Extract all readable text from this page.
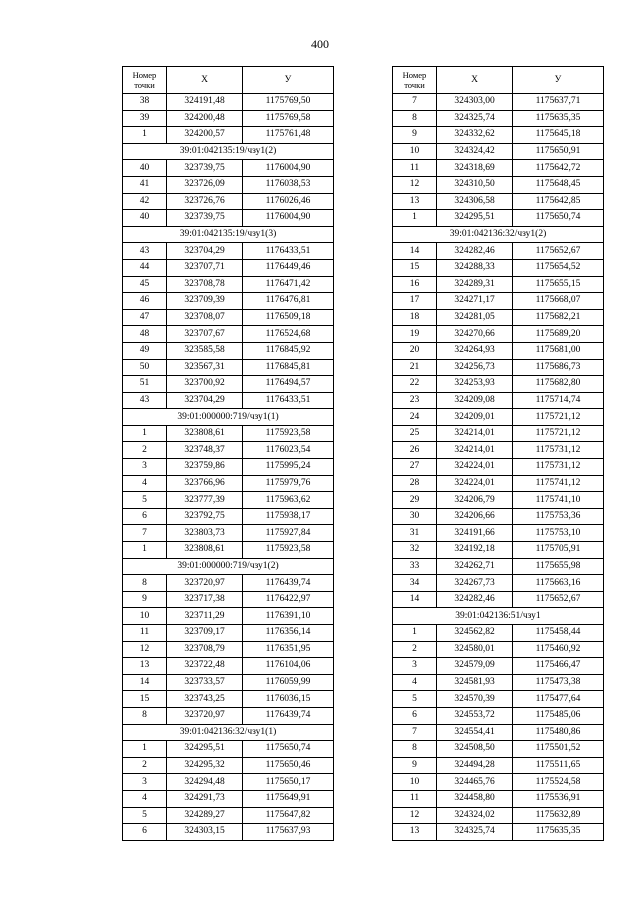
400
Номер точки	Х	У
38	324191,48	1175769,50
39	324200,48	1175769,58
1	324200,57	1175761,48
39:01:042135:19/чзу1(2)		
40	323739,75	1176004,90
41	323726,09	1176038,53
42	323726,76	1176026,46
40	323739,75	1176004,90
39:01:042135:19/чзу1(3)		
43	323704,29	1176433,51
44	323707,71	1176449,46
45	323708,78	1176471,42
46	323709,39	1176476,81
47	323708,07	1176509,18
48	323707,67	1176524,68
49	323585,58	1176845,92
50	323567,31	1176845,81
51	323700,92	1176494,57
43	323704,29	1176433,51
39:01:000000:719/чзу1(1)		
1	323808,61	1175923,58
2	323748,37	1176023,54
3	323759,86	1175995,24
4	323766,96	1175979,76
5	323777,39	1175963,62
6	323792,75	1175938,17
7	323803,73	1175927,84
1	323808,61	1175923,58
39:01:000000:719/чзу1(2)		
8	323720,97	1176439,74
9	323717,38	1176422,97
10	323711,29	1176391,10
11	323709,17	1176356,14
12	323708,79	1176351,95
13	323722,48	1176104,06
14	323733,57	1176059,99
15	323743,25	1176036,15
8	323720,97	1176439,74
39:01:042136:32/чзу1(1)		
1	324295,51	1175650,74
2	324295,32	1175650,46
3	324294,48	1175650,17
4	324291,73	1175649,91
5	324289,27	1175647,82
6	324303,15	1175637,93
Номер точки	Х	У
7	324303,00	1175637,71
8	324325,74	1175635,35
9	324332,62	1175645,18
10	324324,42	1175650,91
11	324318,69	1175642,72
12	324310,50	1175648,45
13	324306,58	1175642,85
1	324295,51	1175650,74
39:01:042136:32/чзу1(2)		
14	324282,46	1175652,67
15	324288,33	1175654,52
16	324289,31	1175655,15
17	324271,17	1175668,07
18	324281,05	1175682,21
19	324270,66	1175689,20
20	324264,93	1175681,00
21	324256,73	1175686,73
22	324253,93	1175682,80
23	324209,08	1175714,74
24	324209,01	1175721,12
25	324214,01	1175721,12
26	324214,01	1175731,12
27	324224,01	1175731,12
28	324224,01	1175741,12
29	324206,79	1175741,10
30	324206,66	1175753,36
31	324191,66	1175753,10
32	324192,18	1175705,91
33	324262,71	1175655,98
34	324267,73	1175663,16
14	324282,46	1175652,67
39:01:042136:51/чзу1		
1	324562,82	1175458,44
2	324580,01	1175460,92
3	324579,09	1175466,47
4	324581,93	1175473,38
5	324570,39	1175477,64
6	324553,72	1175485,06
7	324554,41	1175480,86
8	324508,50	1175501,52
9	324494,28	1175511,65
10	324465,76	1175524,58
11	324458,80	1175536,91
12	324324,02	1175632,89
13	324325,74	1175635,35
